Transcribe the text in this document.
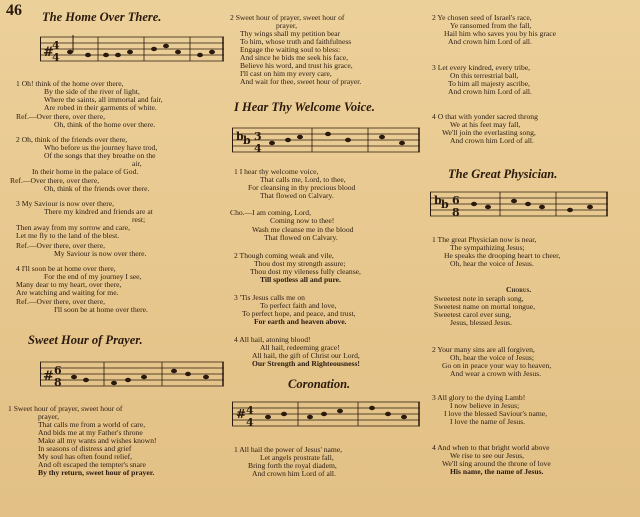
46 The Home Over There.
#
4
4
1 Oh! think of the home over there,
By the side of the river of light,
Where the saints, all immortal and fair,
Are robed in their garments of white.
Ref.—Over there, over there,
Oh, think of the home over there.
2 Oh, think of the friends over there,
Who before us the journey have trod,
Of the songs that they breathe on the
air,
In their home in the palace of God.
Ref.—Over there, over there,
Oh, think of the friends over there.
3 My Saviour is now over there,
There my kindred and friends are at
rest;
Then away from my sorrow and care,
Let me fly to the land of the blest.
Ref.—Over there, over there,
My Saviour is now over there.
4 I'll soon be at home over there,
For the end of my journey I see,
Many dear to my heart, over there,
Are watching and waiting for me.
Ref.—Over there, over there,
I'll soon be at home over there.
Sweet Hour of Prayer.
# 6
8
1 Sweet hour of prayer, sweet hour of
prayer,
That calls me from a world of care,
And bids me at my Father's throne
Make all my wants and wishes known!
In seasons of distress and grief
My soul has often found relief,
And oft escaped the tempter's snare
By thy return, sweet hour of prayer.
2 Sweet hour of prayer, sweet hour of
prayer,
Thy wings shall my petition bear
To him, whose truth and faithfulness
Engage the waiting soul to bless:
And since he bids me seek his face,
Believe his word, and trust his grace,
I'll cast on him my every care,
And wait for thee, sweet hour of prayer.
I Hear Thy Welcome Voice.
b b 3
4
1 I hear thy welcome voice,
That calls me, Lord, to thee,
For cleansing in thy precious blood
That flowed on Calvary.
Cho.—I am coming, Lord,
Coming now to thee!
Wash me cleanse me in the blood
That flowed on Calvary.
2 Though coming weak and vile,
Thou dost my strength assure;
Thou dost my vileness fully cleanse,
Till spotless all and pure.
3 'Tis Jesus calls me on
To perfect faith and love,
To perfect hope, and peace, and trust,
For earth and heaven above.
4 All hail, atoning blood!
All hail, redeeming grace!
All hail, the gift of Christ our Lord,
Our Strength and Righteousness!
Coronation.
# 4
4
1 All hail the power of Jesus' name,
Let angels prostrate fall,
Bring forth the royal diadem,
And crown him Lord of all.
2 Ye chosen seed of Israel's race,
Ye ransomed from the fall,
Hail him who saves you by his grace
And crown him Lord of all.
3 Let every kindred, every tribe,
On this terrestrial ball,
To him all majesty ascribe,
And crown him Lord of all.
4 O that with yonder sacred throng
We at his feet may fall,
We'll join the everlasting song,
And crown him Lord of all.
The Great Physician.
b b 6
8
1 The great Physician now is near,
The sympathizing Jesus;
He speaks the drooping heart to cheer,
Oh, hear the voice of Jesus.
Chorus.
Sweetest note in seraph song,
Sweetest name on mortal tongue,
Sweetest carol ever sung,
Jesus, blessed Jesus.
2 Your many sins are all forgiven,
Oh, hear the voice of Jesus;
Go on in peace your way to heaven,
And wear a crown with Jesus.
3 All glory to the dying Lamb!
I now believe in Jesus;
I love the blessed Saviour's name,
I love the name of Jesus.
4 And when to that bright world above
We rise to see our Jesus,
We'll sing around the throne of love
His name, the name of Jesus.
